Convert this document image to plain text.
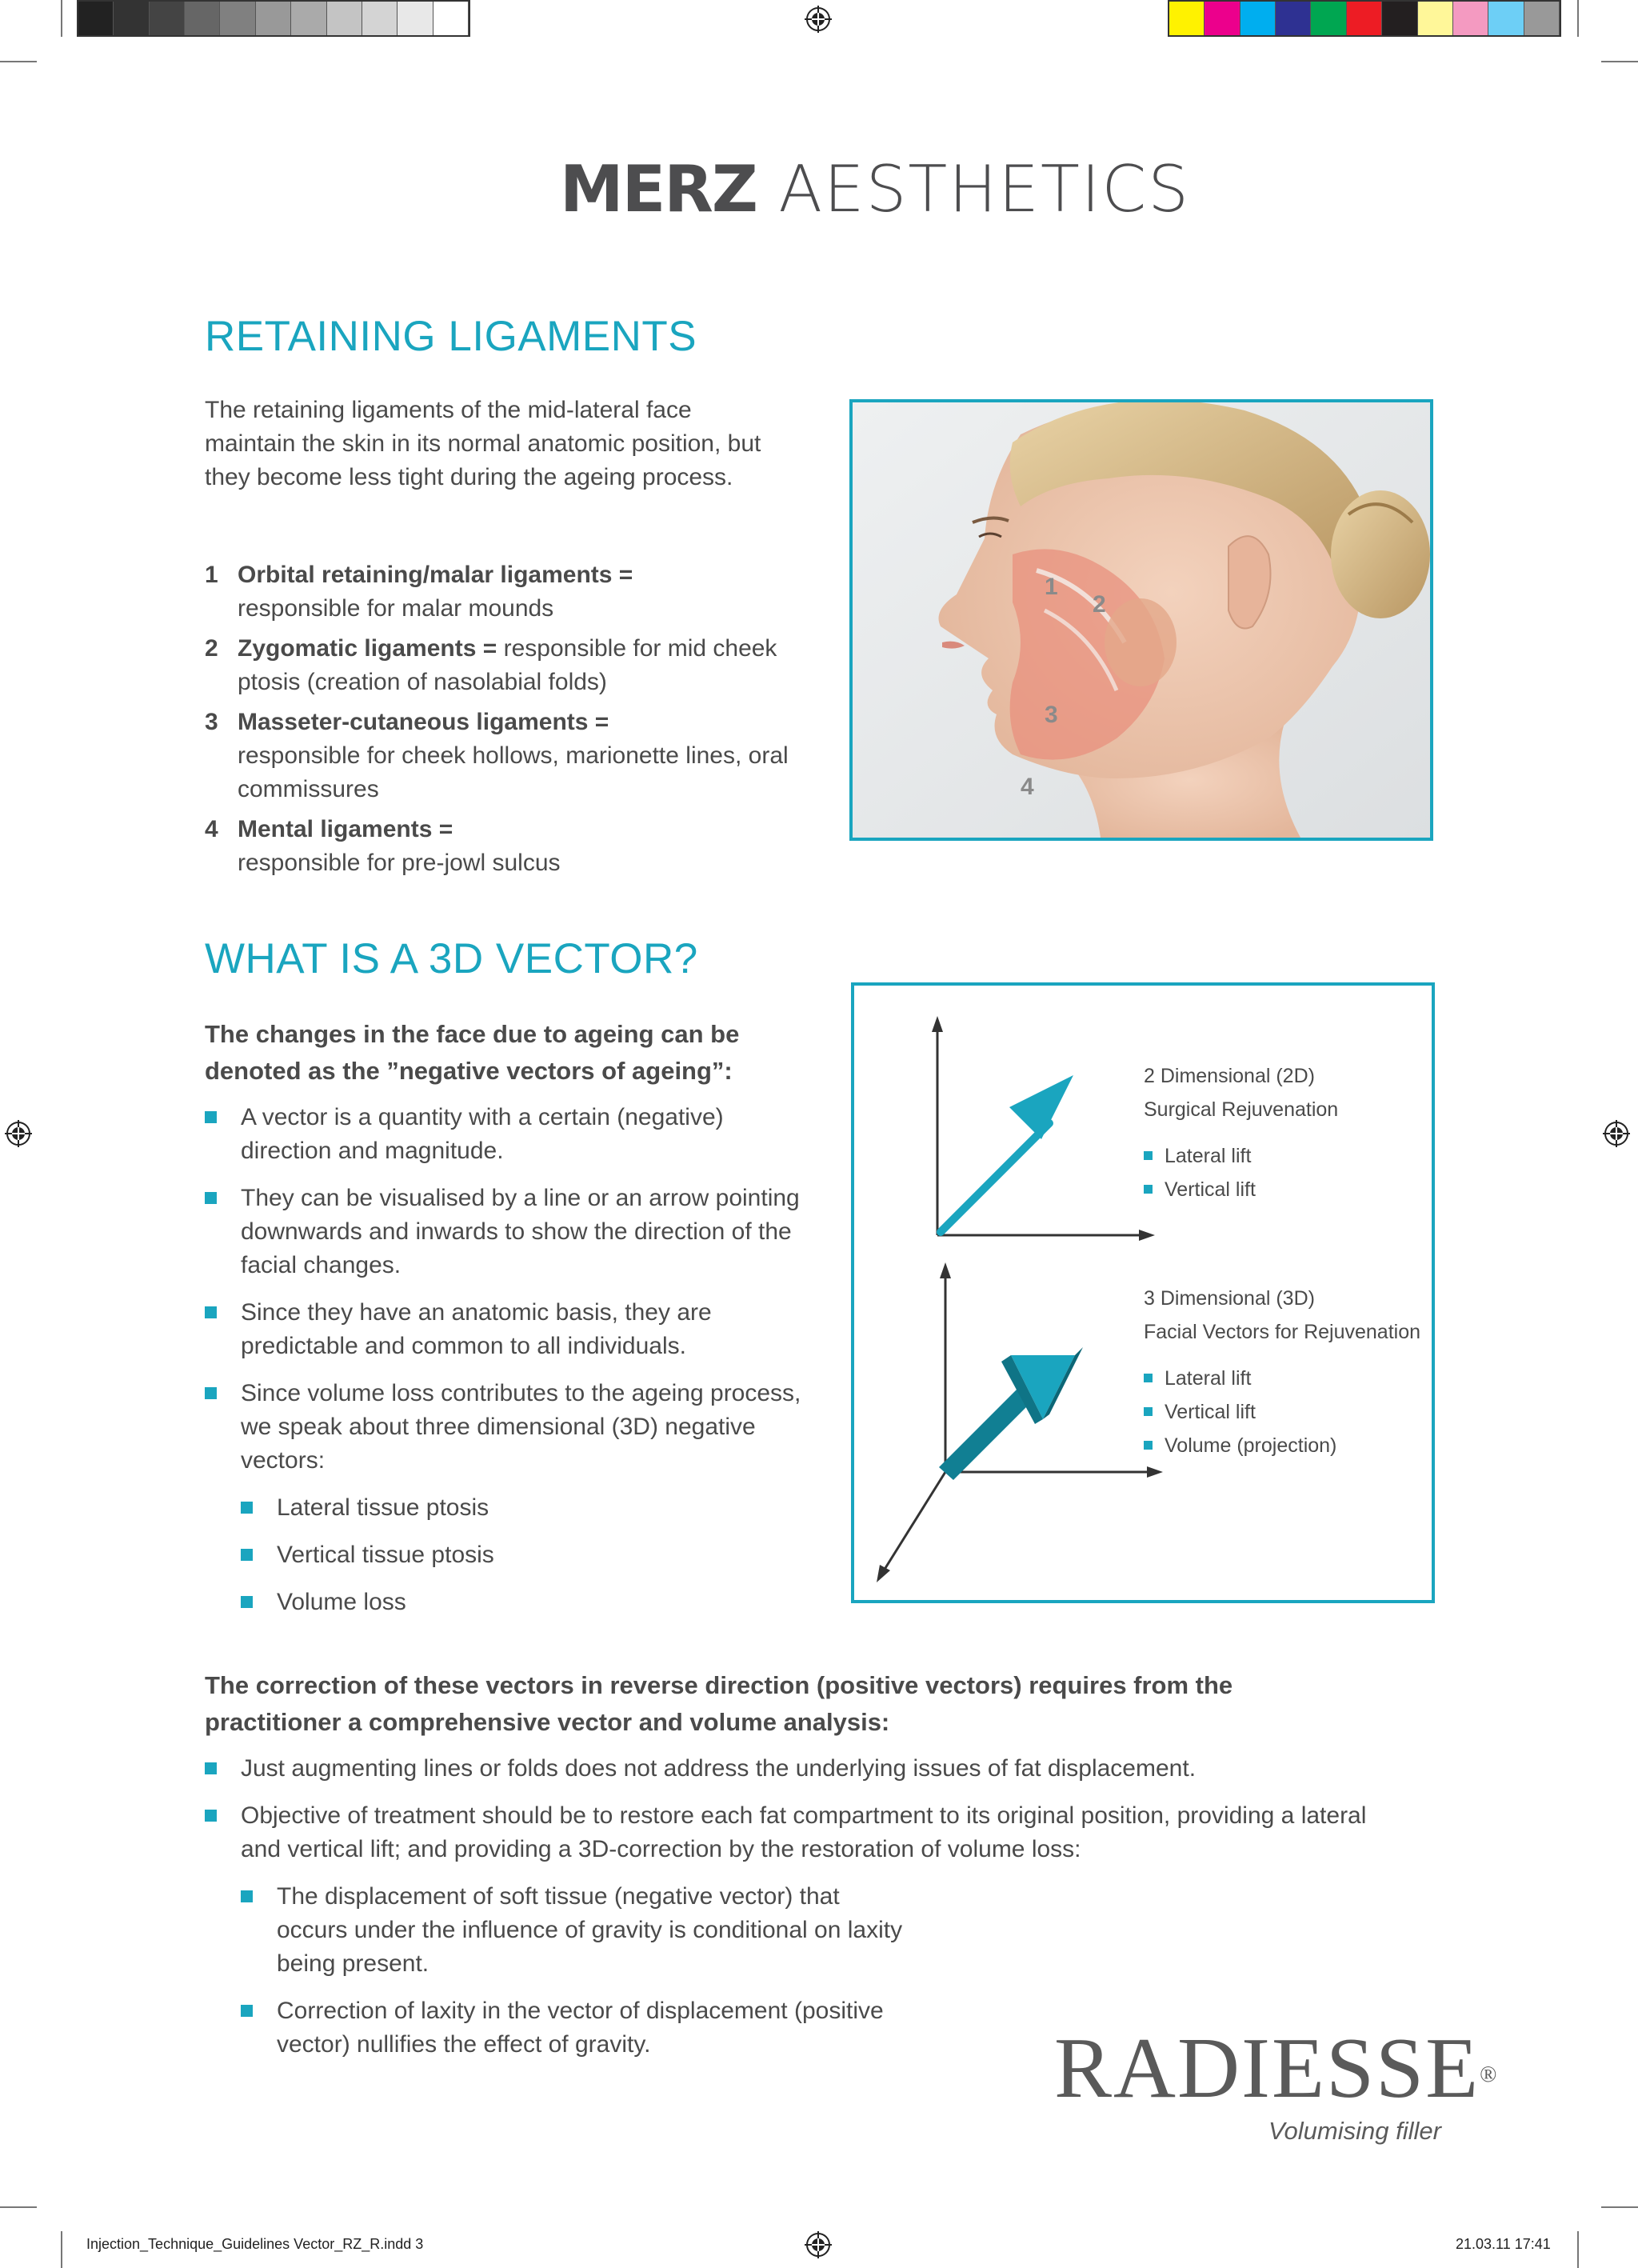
Injection_Technique_Guidelines Vector_RZ_R.indd 3	21.03.11 17:41
MERZ AESTHETICS
RETAINING LIGAMENTS
The retaining ligaments of the mid-lateral face maintain the skin in its normal anatomic position, but they become less tight during the ageing process.
1 Orbital retaining/malar ligaments =
responsible for malar mounds
2 Zygomatic ligaments = responsible for mid cheek ptosis (creation of nasolabial folds)
3 Masseter-cutaneous ligaments =
responsible for cheek hollows, marionette lines, oral commissures
4 Mental ligaments =
responsible for pre-jowl sulcus
1
2
3
4
WHAT IS A 3D VECTOR?
The changes in the face due to ageing can be denoted as the ”negative vectors of ageing”:
A vector is a quantity with a certain (negative) direction and magnitude.
They can be visualised by a line or an arrow pointing downwards and inwards to show the direction of the facial changes.
Since they have an anatomic basis, they are predictable and common to all individuals.
Since volume loss contributes to the ageing process, we speak about three dimensional (3D) negative vectors:
Lateral tissue ptosis
Vertical tissue ptosis
Volume loss
2 Dimensional (2D)
Surgical Rejuvenation
Lateral lift
Vertical lift
3 Dimensional (3D)
Facial Vectors for Rejuvenation
Lateral lift
Vertical lift
Volume (projection)
The correction of these vectors in reverse direction (positive vectors) requires from the practitioner a comprehensive vector and volume analysis:
Just augmenting lines or folds does not address the underlying issues of fat displacement.
Objective of treatment should be to restore each fat compartment to its original position, providing a lateral and vertical lift; and providing a 3D-correction by the restoration of volume loss:
The displacement of soft tissue (negative vector) that occurs under the influence of gravity is conditional on laxity being present.
Correction of laxity in the vector of displacement (positive vector) nullifies the effect of gravity.	RADIESSE®
Volumising filler
